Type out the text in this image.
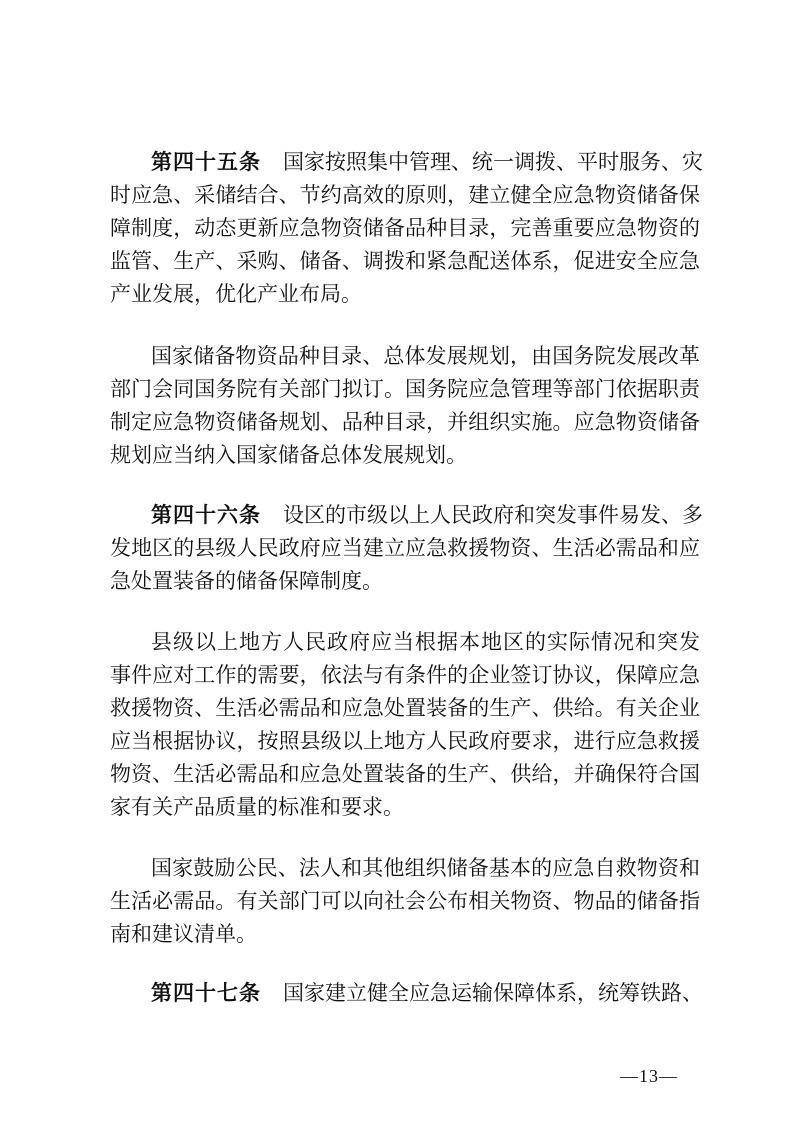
第四十五条 国家按照集中管理、统一调拨、平时服务、灾
时应急、采储结合、节约高效的原则，建立健全应急物资储备保
障制度，动态更新应急物资储备品种目录，完善重要应急物资的
监管、生产、采购、储备、调拨和紧急配送体系，促进安全应急
产业发展，优化产业布局。
国家储备物资品种目录、总体发展规划，由国务院发展改革
部门会同国务院有关部门拟订。国务院应急管理等部门依据职责
制定应急物资储备规划、品种目录，并组织实施。应急物资储备
规划应当纳入国家储备总体发展规划。
第四十六条 设区的市级以上人民政府和突发事件易发、多
发地区的县级人民政府应当建立应急救援物资、生活必需品和应
急处置装备的储备保障制度。
县级以上地方人民政府应当根据本地区的实际情况和突发
事件应对工作的需要，依法与有条件的企业签订协议，保障应急
救援物资、生活必需品和应急处置装备的生产、供给。有关企业
应当根据协议，按照县级以上地方人民政府要求，进行应急救援
物资、生活必需品和应急处置装备的生产、供给，并确保符合国
家有关产品质量的标准和要求。
国家鼓励公民、法人和其他组织储备基本的应急自救物资和
生活必需品。有关部门可以向社会公布相关物资、物品的储备指
南和建议清单。
第四十七条 国家建立健全应急运输保障体系，统筹铁路、
—13—
